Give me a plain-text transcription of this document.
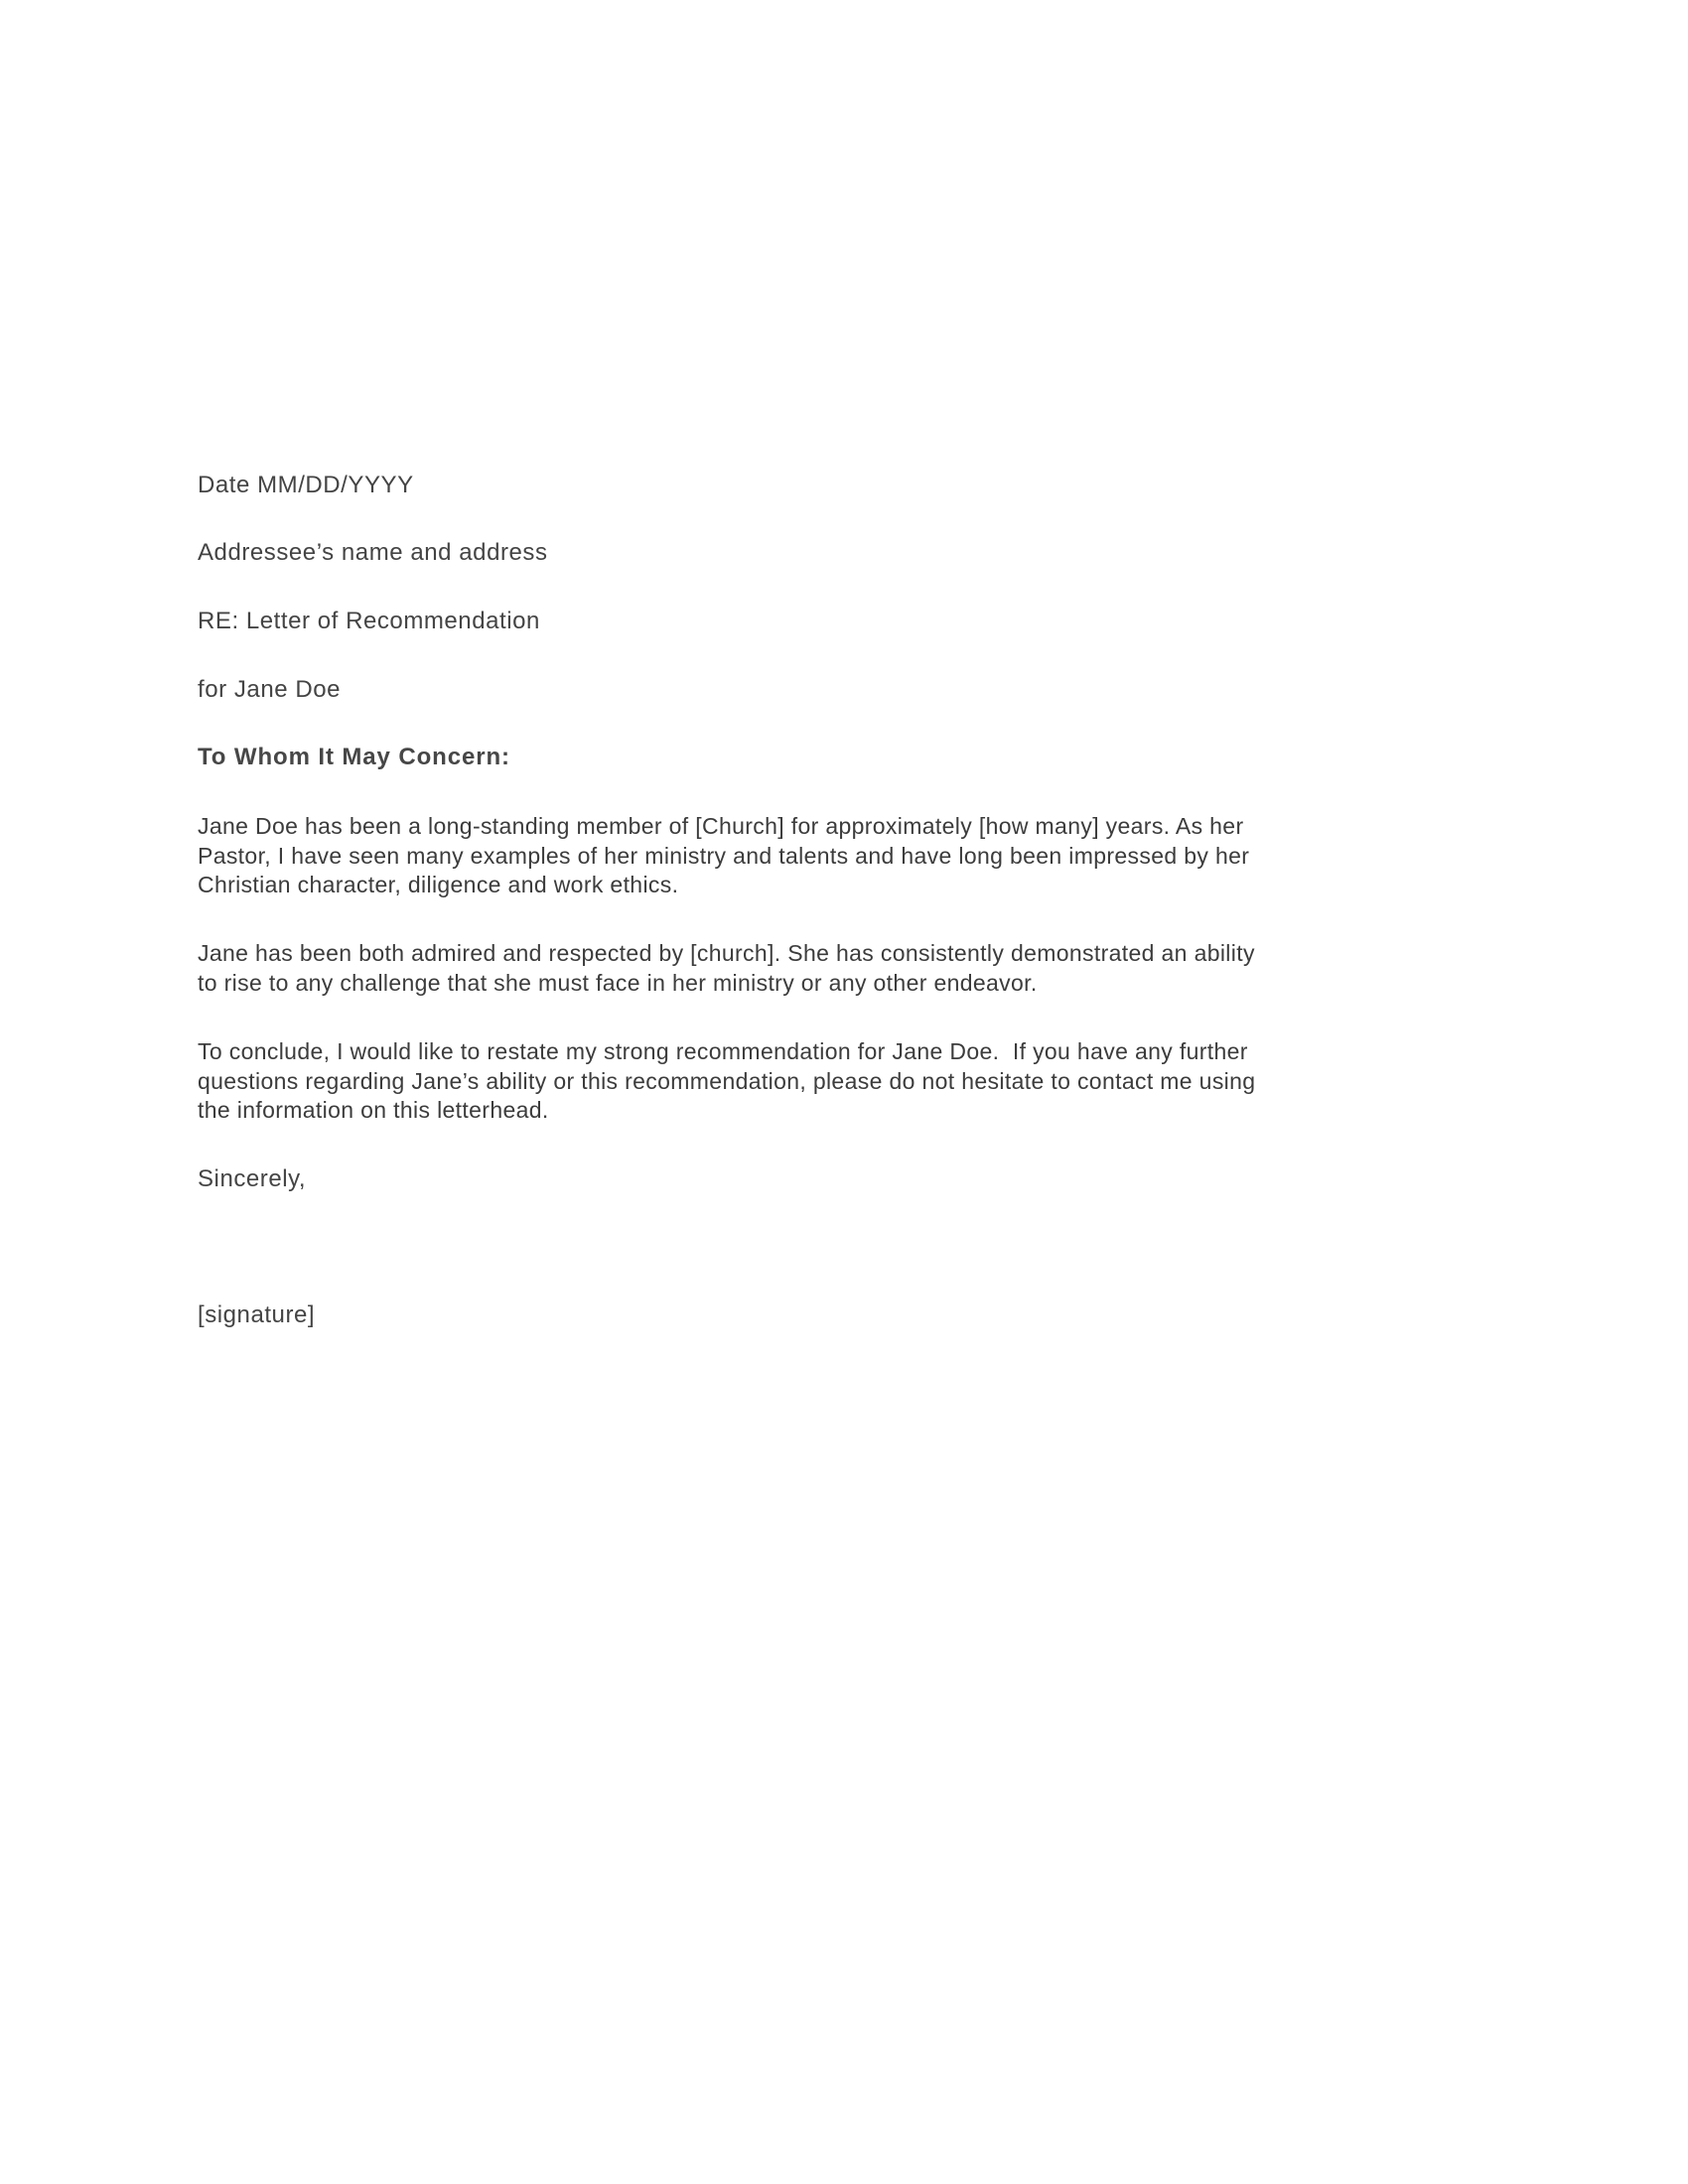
Date MM/DD/YYYY
Addressee’s name and address
RE: Letter of Recommendation
for Jane Doe
To Whom It May Concern:
Jane Doe has been a long-standing member of [Church] for approximately [how many] years. As her
Pastor, I have seen many examples of her ministry and talents and have long been impressed by her
Christian character, diligence and work ethics.
Jane has been both admired and respected by [church]. She has consistently demonstrated an ability
to rise to any challenge that she must face in her ministry or any other endeavor.
To conclude, I would like to restate my strong recommendation for Jane Doe.  If you have any further
questions regarding Jane’s ability or this recommendation, please do not hesitate to contact me using
the information on this letterhead.
Sincerely,
[signature]
